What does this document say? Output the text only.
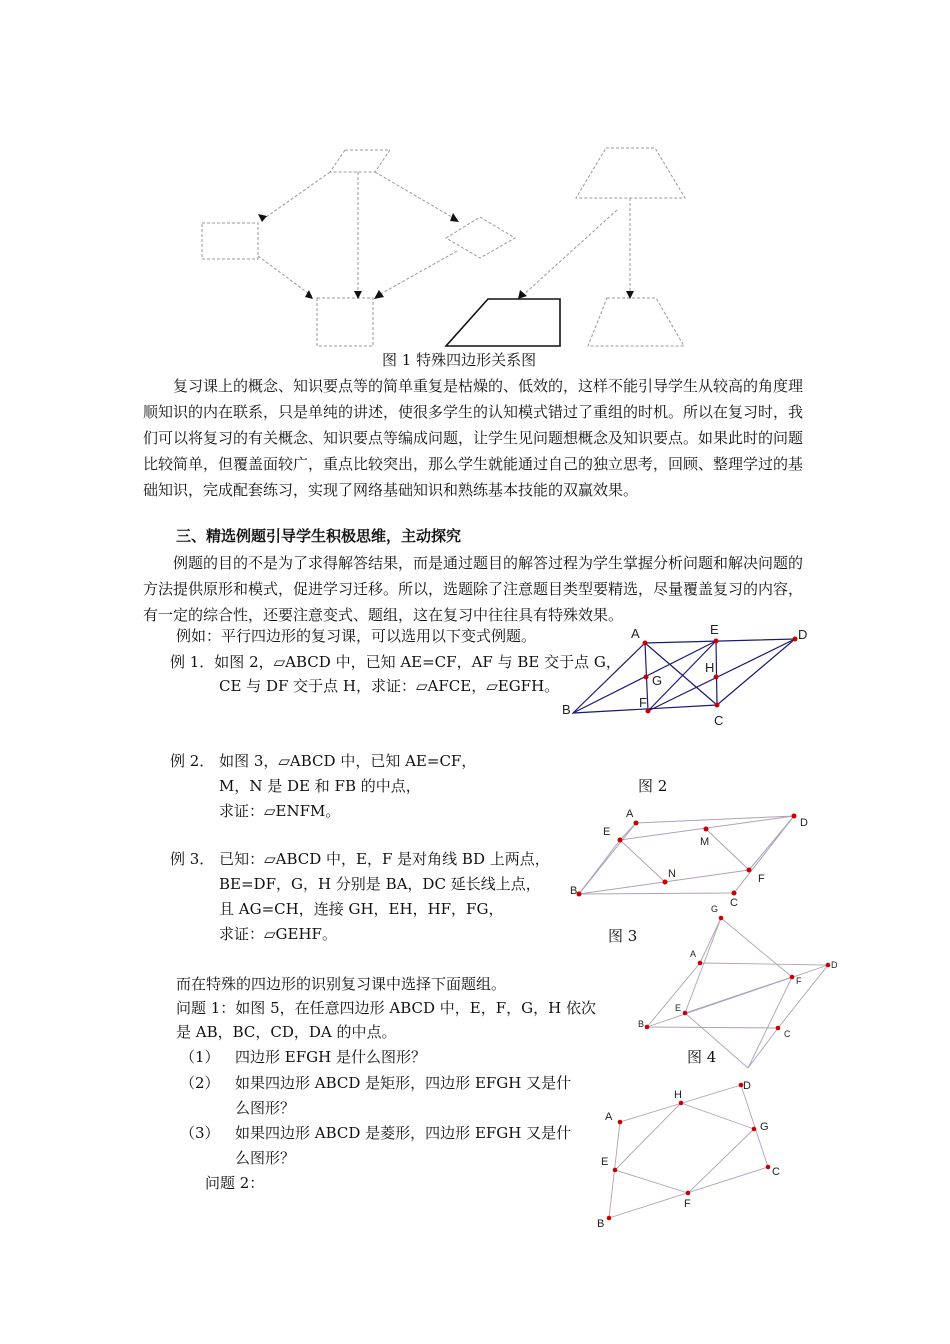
图 1 特殊四边形关系图

复习课上的概念、知识要点等的简单重复是枯燥的、低效的，这样不能引导学生从较高的角度理顺知识的内在联系，只是单纯的讲述，使很多学生的认知模式错过了重组的时机。所以在复习时，我们可以将复习的有关概念、知识要点等编成问题，让学生见问题想概念及知识要点。如果此时的问题比较简单，但覆盖面较广，重点比较突出，那么学生就能通过自己的独立思考，回顾、整理学过的基础知识，完成配套练习，实现了网络基础知识和熟练基本技能的双赢效果。

三、精选例题引导学生积极思维，主动探究

例题的目的不是为了求得解答结果，而是通过题目的解答过程为学生掌握分析问题和解决问题的方法提供原形和模式，促进学习迁移。所以，选题除了注意题目类型要精选，尽量覆盖复习的内容，有一定的综合性，还要注意变式、题组，这在复习中往往具有特殊效果。

例如：平行四边形的复习课，可以选用以下变式例题。
例 1．如图 2，▱ABCD 中，已知 AE=CF，AF 与 BE 交于点 G，
CE 与 DF 交于点 H，求证：▱AFCE，▱EGFH。
A	E	D
B
G
H
F
C
例 2． 如图 3，▱ABCD 中，已知 AE=CF，
M，N 是 DE 和 FB 的中点，
求证：▱ENFM。
图 2
A
E
M
D
N	F
B
C
例 3． 已知：▱ABCD 中，E，F 是对角线 BD 上两点，
BE=DF，G，H 分别是 BA，DC 延长线上点，
且 AG=CH，连接 GH，EH，HF，FG，
求证：▱GEHF。	图 3
G
A
D
F
E
B
C
图 4
而在特殊的四边形的识别复习课中选择下面题组。
问题 1：如图 5，在任意四边形 ABCD 中，E，F，G，H 依次
是 AB，BC，CD，DA 的中点。
（1） 四边形 EFGH 是什么图形？
（2） 如果四边形 ABCD 是矩形，四边形 EFGH 又是什
么图形？
（3） 如果四边形 ABCD 是菱形，四边形 EFGH 又是什
么图形？
问题 2：
H
D
A
G
E
C
F
B
